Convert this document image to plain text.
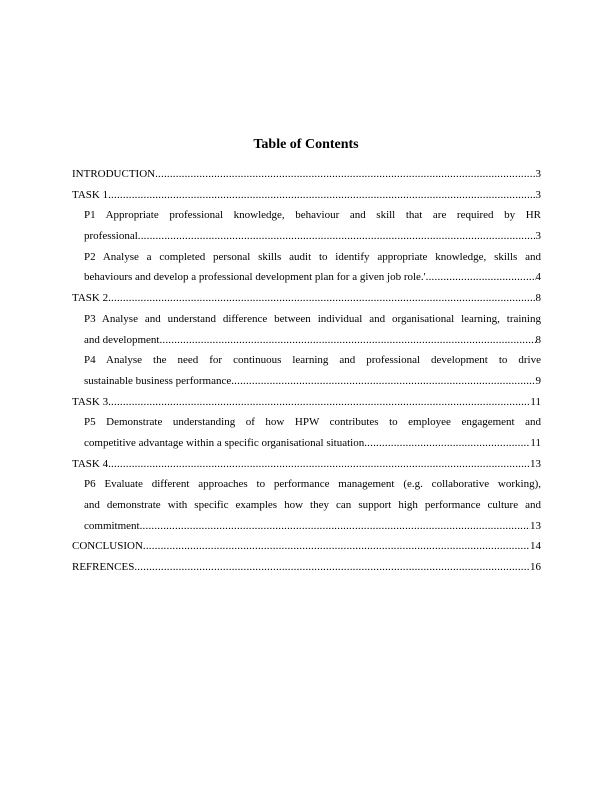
Table of Contents
INTRODUCTION .....	3
TASK 1 .....	3
P1 Appropriate professional knowledge, behaviour and skill that are required by HR
professional .....	3
P2 Analyse a completed personal skills audit to identify appropriate knowledge, skills and
behaviours and develop a professional development plan for a given job role.' .....	4
TASK 2 .....	8
P3 Analyse and understand difference between individual and organisational learning, training
and development .....	8
P4 Analyse the need for continuous learning and professional development to drive
sustainable business performance .....	9
TASK 3 .....	11
P5 Demonstrate understanding of how HPW contributes to employee engagement and
competitive advantage within a specific organisational situation .....	11
TASK 4 .....	13
P6 Evaluate different approaches to performance management (e.g. collaborative working),
and demonstrate with specific examples how they can support high performance culture and
commitment .....	13
CONCLUSION .....	14
REFRENCES .....	16
